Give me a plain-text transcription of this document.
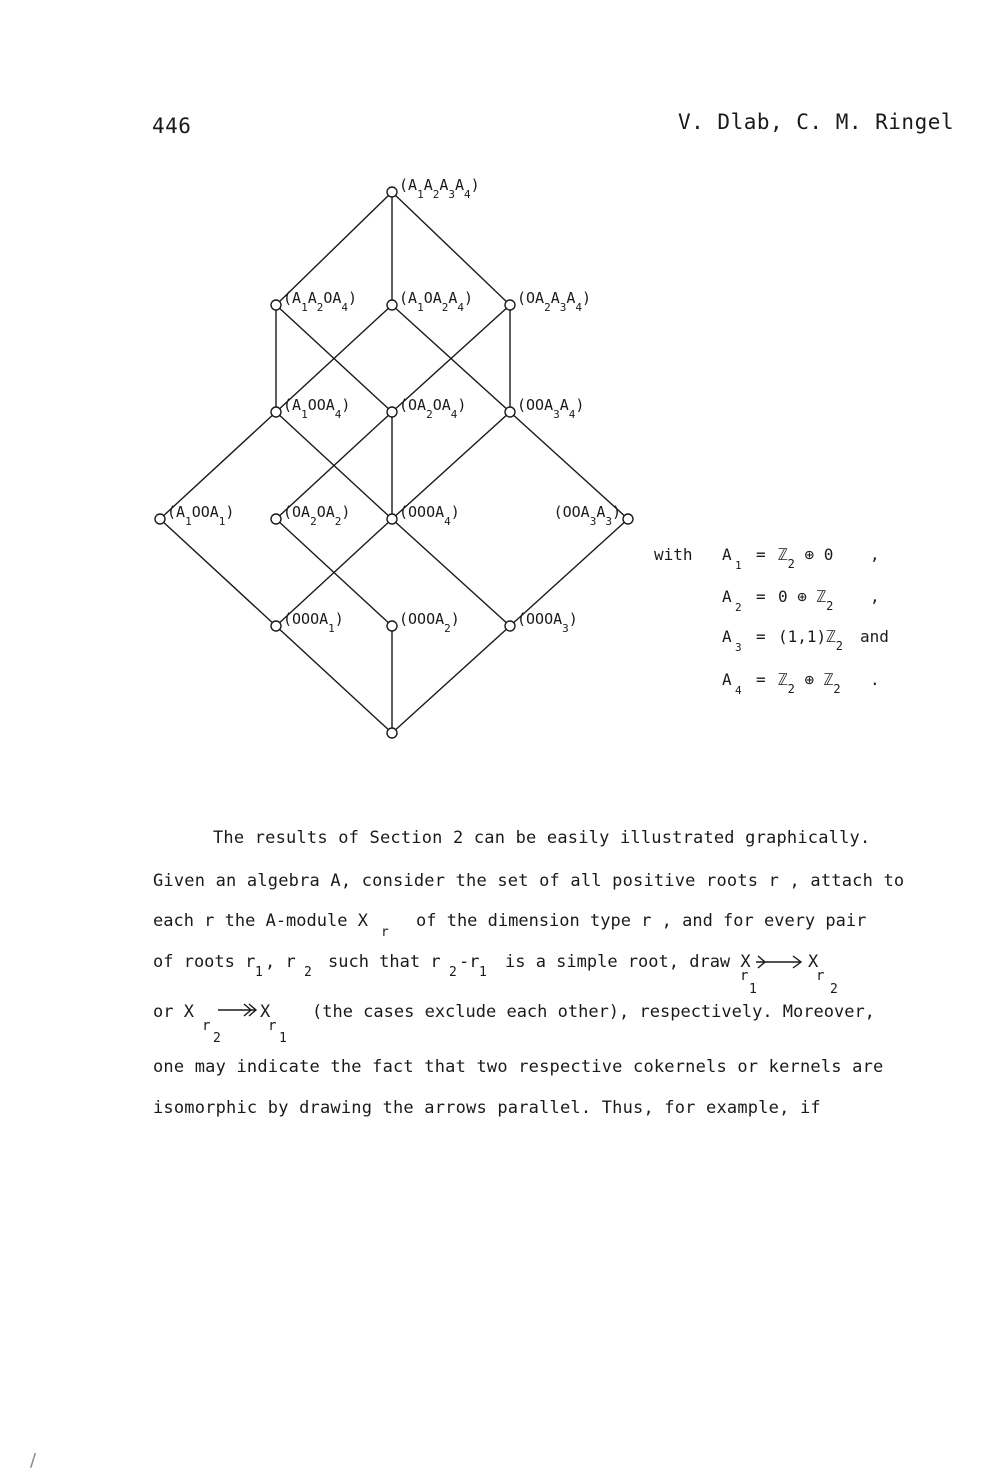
446	V. Dlab, C. M. Ringel
$(A_1A_2A_3A_4)$
$(A_1A_2OA_4)$	$(A_1OA_2A_4)$	$(OA_2A_3A_4)$
$(A_1OOA_4)$	$(OA_2OA_4)$	$(OOA_3A_4)$
$(A_1OOA_1)$	$(OA_2OA_2)$	$(OOOA_4)$	$(OOA_3A_3)$
$(OOOA_1)$	$(OOOA_2)$	$(OOOA_3)$
with A
1
= ℤ$_2$ ⊕ 0 ,
A
2
= 0 ⊕ ℤ$_2$ ,
A
3
= (1,1)ℤ$_2$ and
A
4
= ℤ$_2$ ⊕ ℤ$_2$ .
The results of Section 2 can be easily illustrated graphically.
Given an algebra A, consider the set of all positive roots r , attach to
each r the A-module X
r
of the dimension type r , and for every pair
of roots r
1
, r
2
such that r
2
-r
1
is a simple root, draw X
r
1
X
r
2
or X
r
2
X
r
1
(the cases exclude each other), respectively. Moreover,
one may indicate the fact that two respective cokernels or kernels are
isomorphic by drawing the arrows parallel. Thus, for example, if
/
